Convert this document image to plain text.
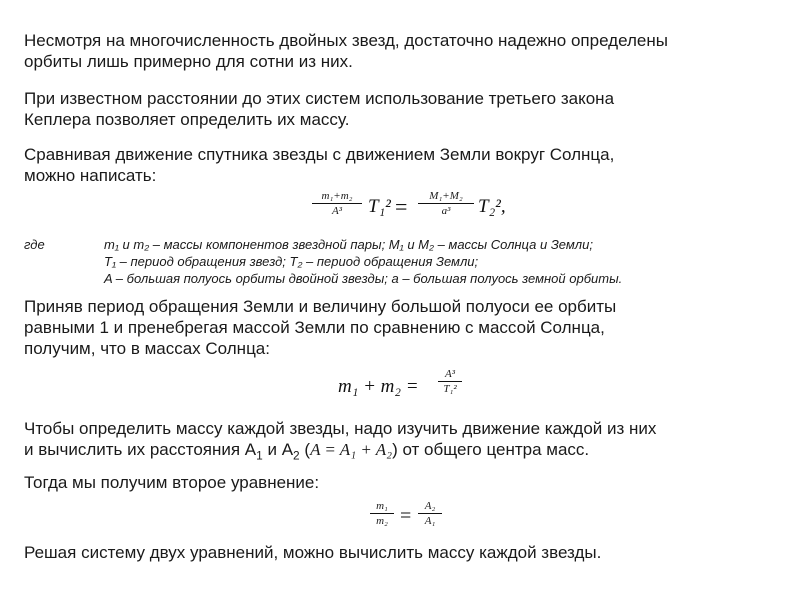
Несмотря на многочисленность двойных звезд, достаточно надежно определены
орбиты лишь примерно для сотни из них.
При известном расстоянии до этих систем использование третьего закона
Кеплера позволяет определить их массу.
Сравнивая движение спутника звезды с движением Земли вокруг Солнца,
можно написать:
m₁+m₂
A³	T₁² =	M₁+M₂
a³	T₂²,
где	m₁ и m₂ – массы компонентов звездной пары; M₁ и M₂ – массы Солнца и Земли;
T₁ – период обращения звезд; T₂ – период обращения Земли;
A – большая полуось орбиты двойной звезды; a – большая полуось земной орбиты.
Приняв период обращения Земли и величину большой полуоси ее орбиты
равными 1 и пренебрегая массой Земли по сравнению с массой Солнца,
получим, что в массах Солнца:
m₁ + m₂ =
A³
T₁²
Чтобы определить массу каждой звезды, надо изучить движение каждой из них
и вычислить их расстояния $А_1$ и $А_2$ (A = A₁ + A₂) от общего центра масс.
Тогда мы получим второе уравнение:
m₁
m₂ =	A₂
A₁
Решая систему двух уравнений, можно вычислить массу каждой звезды.
